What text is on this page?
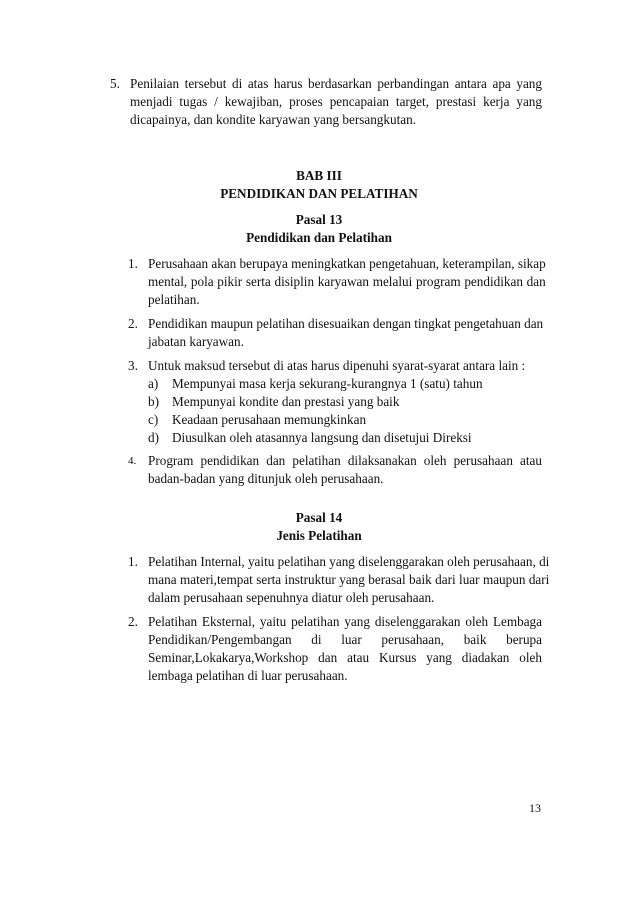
5. Penilaian tersebut di atas harus berdasarkan perbandingan antara apa yang
menjadi tugas / kewajiban, proses pencapaian target, prestasi kerja yang
dicapainya, dan kondite karyawan yang bersangkutan.
BAB III
PENDIDIKAN DAN PELATIHAN
Pasal 13
Pendidikan dan Pelatihan
1. Perusahaan akan berupaya meningkatkan pengetahuan, keterampilan, sikap
mental, pola pikir serta disiplin karyawan melalui program pendidikan dan
pelatihan.
2. Pendidikan maupun pelatihan disesuaikan dengan tingkat pengetahuan dan
jabatan karyawan.
3. Untuk maksud tersebut di atas harus dipenuhi syarat-syarat antara lain :
a)	Mempunyai masa kerja sekurang-kurangnya 1 (satu) tahun
b) Mempunyai kondite dan prestasi yang baik
c)	Keadaan perusahaan memungkinkan
d) Diusulkan oleh atasannya langsung dan disetujui Direksi
4. Program pendidikan dan pelatihan dilaksanakan oleh perusahaan atau
badan-badan yang ditunjuk oleh perusahaan.
Pasal 14
Jenis Pelatihan
1. Pelatihan Internal, yaitu pelatihan yang diselenggarakan oleh perusahaan, di
mana materi,tempat serta instruktur yang berasal baik dari luar maupun dari
dalam perusahaan sepenuhnya diatur oleh perusahaan.
2. Pelatihan Eksternal, yaitu pelatihan yang diselenggarakan oleh Lembaga
Pendidikan/Pengembangan di luar perusahaan, baik berupa
Seminar,Lokakarya,Workshop dan atau Kursus yang diadakan oleh
lembaga pelatihan di luar perusahaan.
13
